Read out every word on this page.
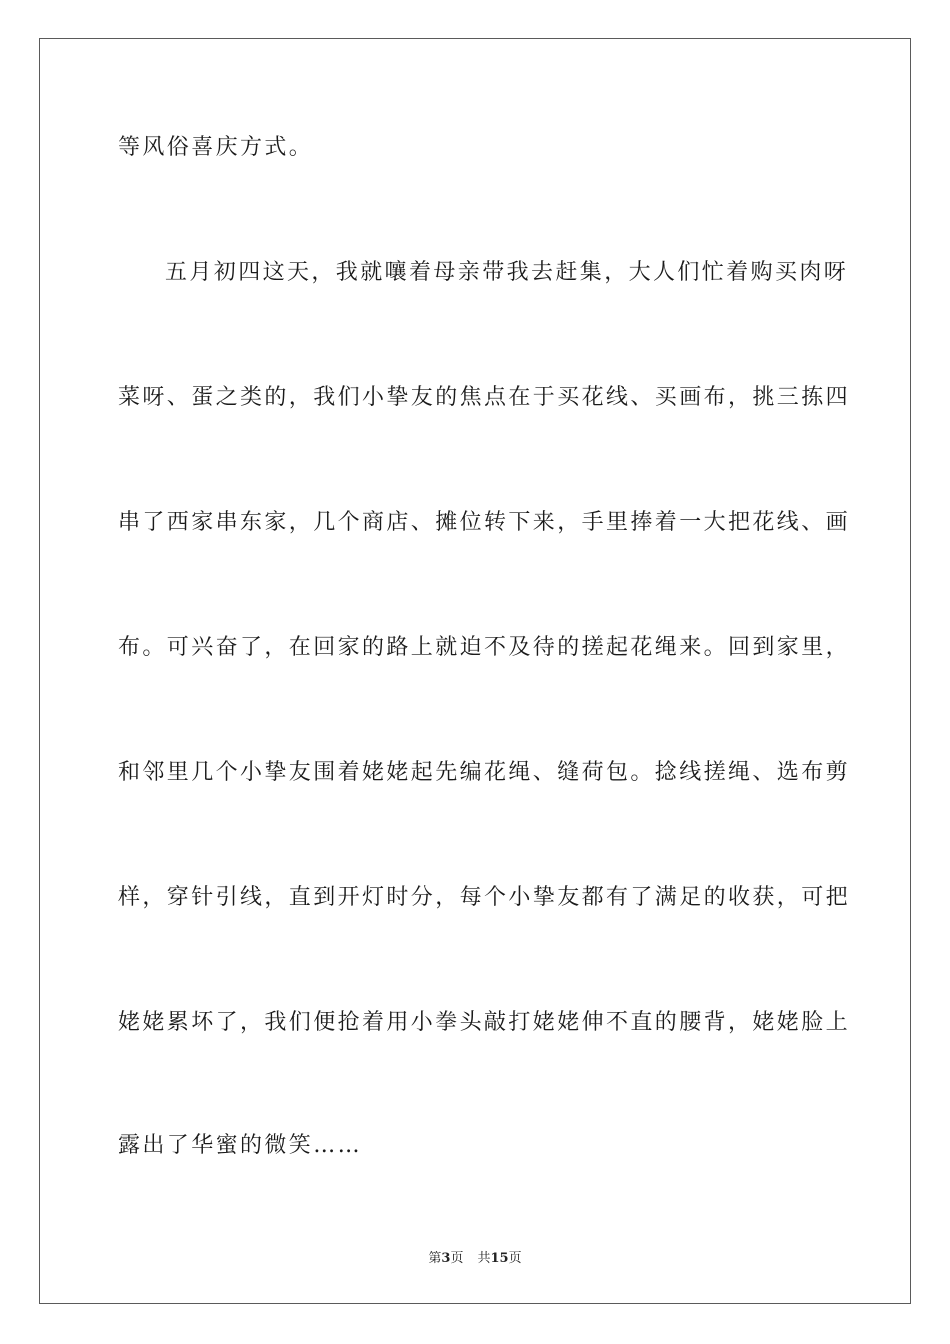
等风俗喜庆方式。
五月初四这天，我就嚷着母亲带我去赶集，大人们忙着购买肉呀
菜呀、蛋之类的，我们小挚友的焦点在于买花线、买画布，挑三拣四
串了西家串东家，几个商店、摊位转下来，手里捧着一大把花线、画
布。可兴奋了，在回家的路上就迫不及待的搓起花绳来。回到家里，
和邻里几个小挚友围着姥姥起先编花绳、缝荷包。捻线搓绳、选布剪
样，穿针引线，直到开灯时分，每个小挚友都有了满足的收获，可把
姥姥累坏了，我们便抢着用小拳头敲打姥姥伸不直的腰背，姥姥脸上
露出了华蜜的微笑……
第3页 共15页
